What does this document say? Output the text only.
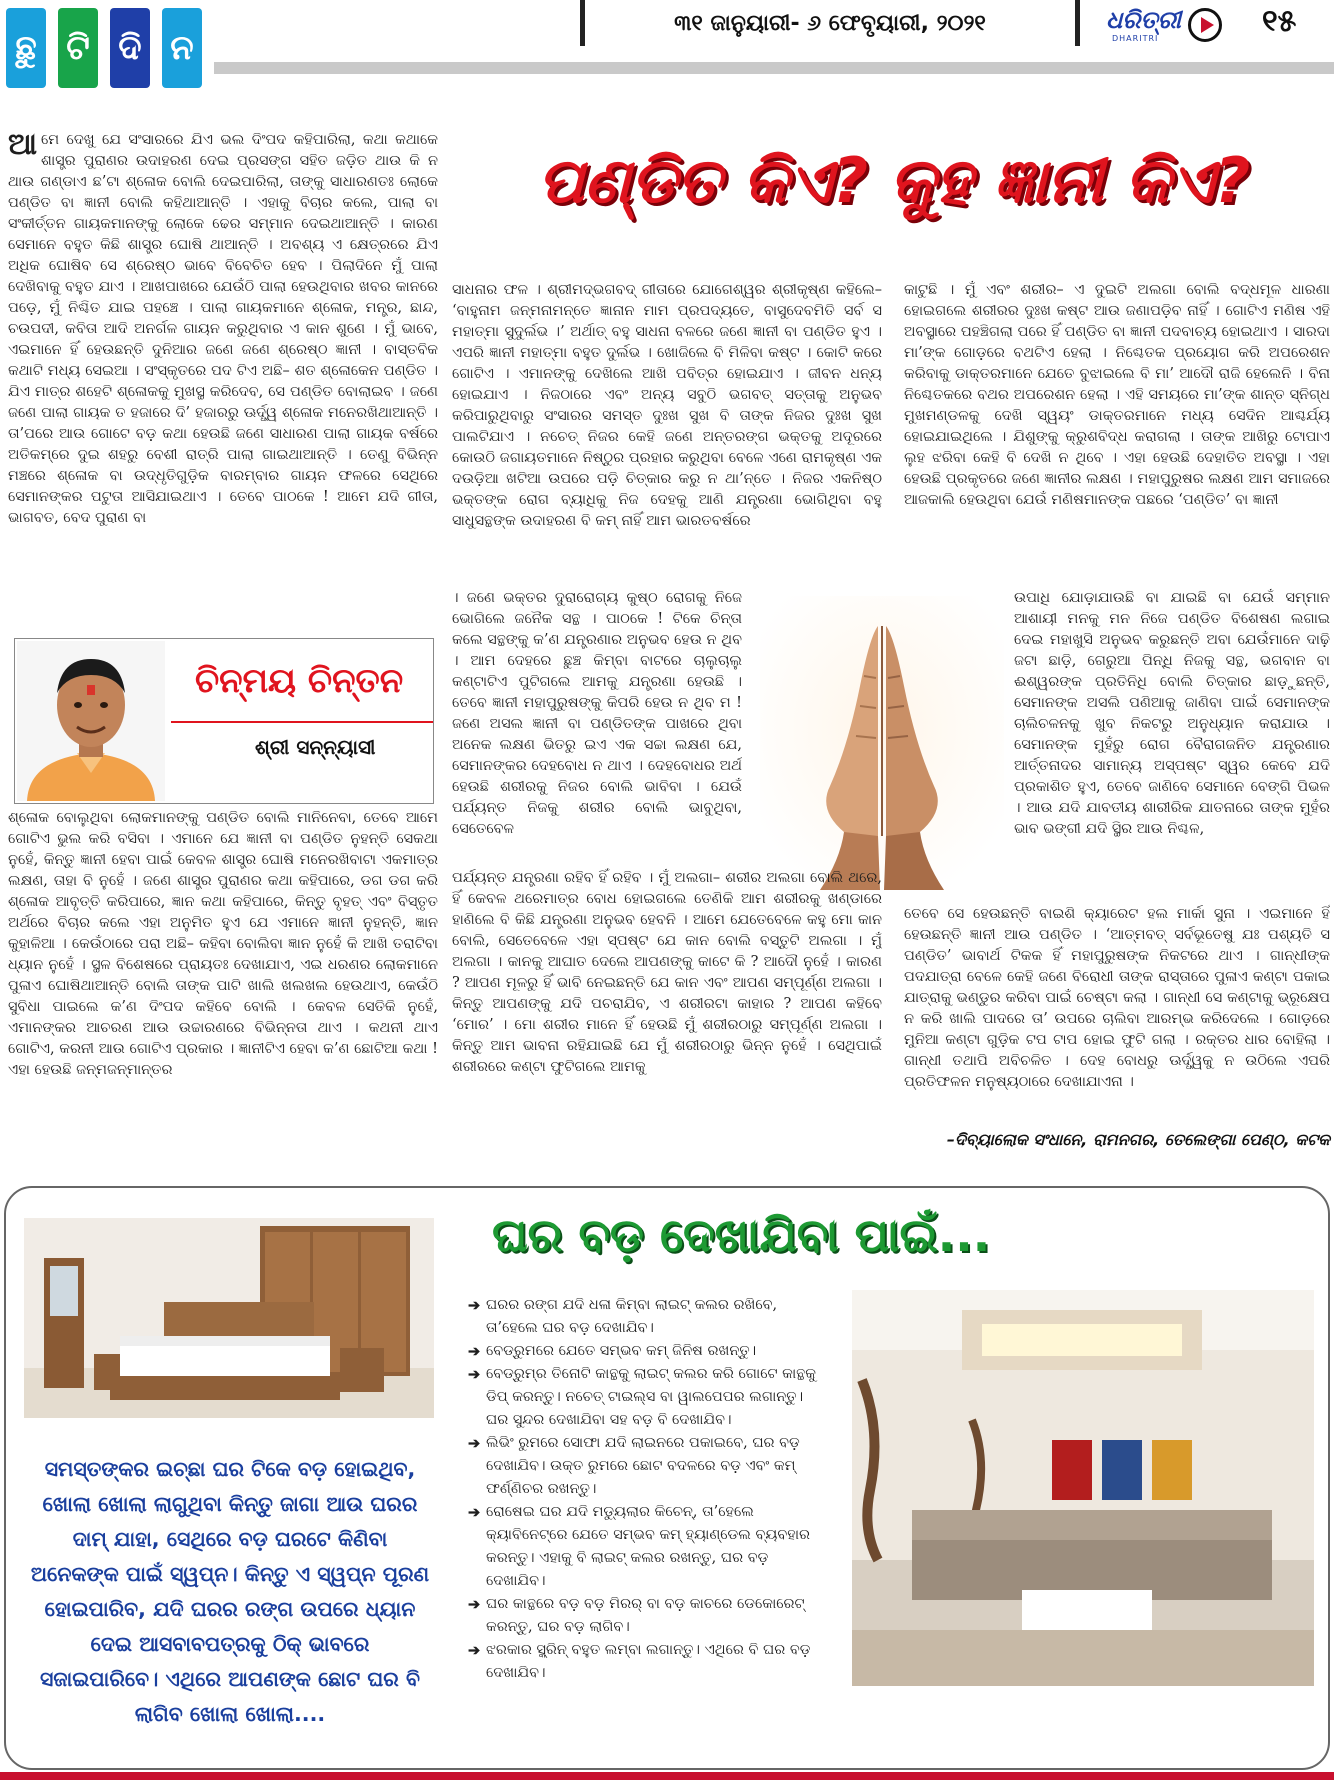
ଛୁ ଟି ଦି ନ
୩୧ ଜାନୁୟାରୀ- ୬ ଫେବୃୟାରୀ, ୨୦୨୧	ଧରିତ୍ରୀ
DHARITRI	୧୫
ପଣ୍ଡିତ କିଏ? କୁହ ଜ୍ଞାନୀ କିଏ?
ଆ ମେ ଦେଖୁ ଯେ ସଂସାରରେ ଯିଏ ଭଲ ଦିଂପଦ କହିପାରିଲା, କଥା କଥାକେ ଶାସ୍ତ୍ର ପୁରାଣର ଉଦାହରଣ ଦେଇ ପ୍ରସଙ୍ଗ ସହିତ ଜଡ଼ିତ ଥାଉ କି ନ ଥାଉ ଗଣ୍ଡାଏ ଛ’ଟା ଶ୍ଳୋକ ବୋଲି ଦେଇପାରିଲା, ତାଙ୍କୁ ସାଧାରଣତଃ ଲୋକେ ପଣ୍ଡିତ ବା ଜ୍ଞାନୀ ବୋଲି କହିଥାଆନ୍ତି । ଏହାକୁ ବିଚାର କଲେ, ପାଲା ବା ସଂକୀର୍ତ୍ତନ ଗାୟକମାନଙ୍କୁ ଲୋକେ ଢେର ସମ୍ମାନ ଦେଇଥାଆନ୍ତି । କାରଣ ସେମାନେ ବହୁତ କିଛି ଶାସ୍ତ୍ର ଘୋଷି ଥାଆନ୍ତି । ଅବଶ୍ୟ ଏ କ୍ଷେତ୍ରରେ ଯିଏ ଅଧିକ ଘୋଷିବ ସେ ଶ୍ରେଷ୍ଠ ଭାବେ ବିବେଚିତ ହେବ । ପିଲାଦିନେ ମୁଁ ପାଲା ଦେଖିବାକୁ ବହୁତ ଯାଏ । ଆଖପାଖରେ ଯେଉଁଠି ପାଲା ହେଉଥିବାର ଖବର କାନରେ ପଡ଼େ, ମୁଁ ନିଶ୍ଚିତ ଯାଇ ପହଞ୍ଚେ । ପାଲା ଗାୟକମାନେ ଶ୍ଳୋକ, ମନ୍ତ୍ର, ଛାନ୍ଦ, ଚଉପଦୀ, କବିତା ଆଦି ଅନର୍ଗଳ ଗାୟନ କରୁଥିବାର ଏ କାନ ଶୁଣେ । ମୁଁ ଭାବେ, ଏଇମାନେ ହିଁ ହେଉଛନ୍ତି ଦୁନିଆର ଜଣେ ଜଣେ ଶ୍ରେଷ୍ଠ ଜ୍ଞାନୀ । ବାସ୍ତବିକ କଥାଟି ମଧ୍ୟ ସେଇଆ । ସଂସ୍କୃତରେ ପଦ ଟିଏ ଅଛି– ଶତ ଶ୍ଳୋକେନ ପଣ୍ଡିତ । ଯିଏ ମାତ୍ର ଶହେଟି ଶ୍ଳୋକକୁ ମୁଖସ୍ଥ କରିଦେବ, ସେ ପଣ୍ଡିତ ବୋଲାଇବ । ଜଣେ ଜଣେ ପାଲା ଗାୟକ ତ ହଜାରେ ଦି’ ହଜାରରୁ ଊର୍ଦ୍ଧ୍ୱ ଶ୍ଳୋକ ମନେରଖିଥାଆନ୍ତି । ତା’ପରେ ଆଉ ଗୋଟେ ବଡ଼ କଥା ହେଉଛି ଜଣେ ସାଧାରଣ ପାଲା ଗାୟକ ବର୍ଷରେ ଅତିକମ୍‌ରେ ଦୁଇ ଶହରୁ ବେଶୀ ରାତ୍ରି ପାଲା ଗାଇଥାଆନ୍ତି । ତେଣୁ ବିଭିନ୍ନ ମଞ୍ଚରେ ଶ୍ଳୋକ ବା ଉଦ୍ଧୃତିଗୁଡ଼ିକ ବାରମ୍ବାର ଗାୟନ ଫଳରେ ସେଥିରେ ସେମାନଙ୍କର ପଟୁତା ଆସିଯାଇଥାଏ । ତେବେ ପାଠକେ ! ଆମେ ଯଦି ଗୀତା, ଭାଗବତ, ବେଦ ପୁରାଣ ବା
ଚିନ୍ମୟ ଚିନ୍ତନ
ଶ୍ରୀ ସନ୍ନ୍ୟାସୀ
ଶ୍ଳୋକ ବୋଲୁଥିବା ଲୋକମାନଙ୍କୁ ପଣ୍ଡିତ ବୋଲି ମାନିନେବା, ତେବେ ଆମେ ଗୋଟିଏ ଭୁଲ କରି ବସିବା । ଏମାନେ ଯେ ଜ୍ଞାନୀ ବା ପଣ୍ଡିତ ନୁହନ୍ତି ସେକଥା ନୁହେଁ, କିନ୍ତୁ ଜ୍ଞାନୀ ହେବା ପାଇଁ କେବଳ ଶାସ୍ତ୍ର ଘୋଷି ମନେରଖିବାଟା ଏକମାତ୍ର ଲକ୍ଷଣ, ତାହା ବି ନୁହେଁ । ଜଣେ ଶାସ୍ତ୍ର ପୁରାଣର କଥା କହିପାରେ, ଡଗ ଡଗ କରି ଶ୍ଳୋକ ଆବୃତ୍ତି କରିପାରେ, ଜ୍ଞାନ କଥା କହିପାରେ, କିନ୍ତୁ ବୃହତ୍ ଏବଂ ବିସ୍ତୃତ ଅର୍ଥରେ ବିଚାର କଲେ ଏହା ଅନୁମିତ ହୁଏ ଯେ ଏମାନେ ଜ୍ଞାନୀ ନୁହନ୍ତି, ଜ୍ଞାନ କୁହାଳିଆ । କେଉଁଠାରେ ପରା ଅଛି– କହିବା ବୋଲିବା ଜ୍ଞାନ ନୁହେଁ କି ଆଖି ତରାଟିବା ଧ୍ୟାନ ନୁହେଁ । ସ୍ଥଳ ବିଶେଷରେ ପ୍ରାୟତଃ ଦେଖାଯାଏ, ଏଇ ଧରଣର ଲୋକମାନେ ପୁଳାଏ ଘୋଷିଥାଆନ୍ତି ବୋଲି ତାଙ୍କ ପାଟି ଖାଲି ଖଲଖଲ ହେଉଥାଏ, କେଉଁଠି ସୁବିଧା ପାଇଲେ କ’ଣ ଦିଂପଦ କହିବେ ବୋଲି । କେବଳ ସେତିକି ନୁହେଁ, ଏମାନଙ୍କର ଆଚରଣ ଆଉ ଉଚ୍ଚାରଣରେ ବିଭିନ୍ନତା ଥାଏ । କଥନୀ ଥାଏ ଗୋଟିଏ, କରନୀ ଆଉ ଗୋଟିଏ ପ୍ରକାର । ଜ୍ଞାନୀଟିଏ ହେବା କ’ଣ ଛୋଟିଆ କଥା ! ଏହା ହେଉଛି ଜନ୍ମଜନ୍ମାନ୍ତର
ସାଧନାର ଫଳ । ଶ୍ରୀମଦ୍‌ଭଗବଦ୍ ଗୀତାରେ ଯୋଗେଶ୍ୱର ଶ୍ରୀକୃଷ୍ଣ କହିଲେ– ‘ବାହୁନାମ ଜନ୍ମନାମନ୍ତେ ଜ୍ଞାନାନ ମାମ ପ୍ରପଦ୍ୟତେ, ବାସୁଦେବମିତି ସର୍ବ ସ ମହାତ୍ମା ସୁଦୁର୍ଲଭ ।’ ଅର୍ଥାତ୍ ବହୁ ସାଧନା ବଳରେ ଜଣେ ଜ୍ଞାନୀ ବା ପଣ୍ଡିତ ହୁଏ । ଏପରି ଜ୍ଞାନୀ ମହାତ୍ମା ବହୁତ ଦୁର୍ଲଭ । ଖୋଜିଲେ ବି ମିଳିବା କଷ୍ଟ । କୋଟି କରେ ଗୋଟିଏ । ଏମାନଙ୍କୁ ଦେଖିଲେ ଆଖି ପବିତ୍ର ହୋଇଯାଏ । ଜୀବନ ଧନ୍ୟ ହୋଇଯାଏ । ନିଜଠାରେ ଏବଂ ଅନ୍ୟ ସବୁଠି ଭଗବତ୍ ସତ୍ତାକୁ ଅନୁଭବ କରିପାରୁଥିବାରୁ ସଂସାରର ସମସ୍ତ ଦୁଃଖ ସୁଖ ବି ତାଙ୍କ ନିଜର ଦୁଃଖ ସୁଖ ପାଲଟିଯାଏ । ନଚେତ୍ ନିଜର କେହି ଜଣେ ଅନ୍ତରଙ୍ଗ ଭକ୍ତକୁ ଅଦୂରରେ କୋଉଠି ଜଗାୟତମାନେ ନିଷ୍ଠୁର ପ୍ରହାର କରୁଥିବା ବେଳେ ଏଣେ ରାମକୃଷ୍ଣ ଏକ ଦଉଡ଼ିଆ ଖଟିଆ ଉପରେ ପଡ଼ି ଚିତ୍କାର କରୁ ନ ଥା’ନ୍ତେ । ନିଜର ଏକନିଷ୍ଠ ଭକ୍ତଙ୍କ ରୋଗ ବ୍ୟାଧିକୁ ନିଜ ଦେହକୁ ଆଣି ଯନ୍ତ୍ରଣା ଭୋଗିଥିବା ବହୁ ସାଧୁସନ୍ଥଙ୍କ ଉଦାହରଣ ବି କମ୍ ନାହିଁ ଆମ ଭାରତବର୍ଷରେ
। ଜଣେ ଭକ୍ତର ଦୁରାରୋଗ୍ୟ କୁଷ୍ଠ ରୋଗକୁ ନିଜେ ଭୋଗିଲେ ଜନୈକ ସନ୍ଥ । ପାଠକେ ! ଟିକେ ଚିନ୍ତା କଲେ ସନ୍ଥଙ୍କୁ କ’ଣ ଯନ୍ତ୍ରଣାର ଅନୁଭବ ହେଉ ନ ଥିବ । ଆମ ଦେହରେ ଛୁଞ୍ଚ କିମ୍ବା ବାଟରେ ଚାଲୁଚାଲୁ କଣ୍ଟାଟିଏ ପୁଟିଗଲେ ଆମକୁ ଯନ୍ତ୍ରଣା ହେଉଛି । ତେବେ ଜ୍ଞାନୀ ମହାପୁରୁଷଙ୍କୁ କିପରି ହେଉ ନ ଥିବ ମ ! ଜଣେ ଅସଲ ଜ୍ଞାନୀ ବା ପଣ୍ଡିତଙ୍କ ପାଖରେ ଥିବା ଅନେକ ଲକ୍ଷଣ ଭିତରୁ ଇଏ ଏକ ସଚ୍ଚା ଲକ୍ଷଣ ଯେ, ସେମାନଙ୍କର ଦେହବୋଧ ନ ଥାଏ । ଦେହବୋଧର ଅର୍ଥ ହେଉଛି ଶରୀରକୁ ନିଜର ବୋଲି ଭାବିବା । ଯେଉଁ ପର୍ଯ୍ୟନ୍ତ ନିଜକୁ ଶରୀର ବୋଲି ଭାବୁଥିବା, ସେତେବେଳ
ପର୍ଯ୍ୟନ୍ତ ଯନ୍ତ୍ରଣା ରହିବ ହିଁ ରହିବ । ମୁଁ ଅଲଗା– ଶରୀର ଅଲଗା ବୋଲି ଥରେ, ହିଁ କେବଳ ଥରେମାତ୍ର ବୋଧ ହୋଇଗଲେ ତେଣିକି ଆମ ଶରୀରକୁ ଖଣ୍ଡାରେ ହାଣିଲେ ବି କିଛି ଯନ୍ତ୍ରଣା ଅନୁଭବ ହେବନି । ଆମେ ଯେତେବେଳେ କହୁ ମୋ କାନ ବୋଲି, ସେତେବେଳେ ଏହା ସ୍ପଷ୍ଟ ଯେ କାନ ବୋଲି ବସ୍ତୁଟି ଅଲଗା । ମୁଁ ଅଲଗା । କାନକୁ ଆଘାତ ଦେଲେ ଆପଣଙ୍କୁ କାଟେ କି ? ଆଦୌ ନୁହେଁ । କାରଣ ? ଆପଣ ମୂଳରୁ ହିଁ ଭାବି ନେଇଛନ୍ତି ଯେ କାନ ଏବଂ ଆପଣ ସମ୍ପୂର୍ଣ୍ଣ ଅଲଗା । କିନ୍ତୁ ଆପଣଙ୍କୁ ଯଦି ପଚରାଯିବ, ଏ ଶରୀରଟା କାହାର ? ଆପଣ କହିବେ ‘ମୋର’ । ମୋ ଶରୀର ମାନେ ହିଁ ହେଉଛି ମୁଁ ଶରୀରଠାରୁ ସମ୍ପୂର୍ଣ୍ଣ ଅଲଗା । କିନ୍ତୁ ଆମ ଭାବନା ରହିଯାଇଛି ଯେ ମୁଁ ଶରୀରଠାରୁ ଭିନ୍ନ ନୁହେଁ । ସେଥିପାଇଁ ଶରୀରରେ କଣ୍ଟା ଫୁଟିଗଲେ ଆମକୁ
କାଟୁଛି । ମୁଁ ଏବଂ ଶରୀର– ଏ ଦୁଇଟି ଅଲଗା ବୋଲି ବଦ୍ଧମୂଳ ଧାରଣା ହୋଇଗଲେ ଶରୀରର ଦୁଃଖ କଷ୍ଟ ଆଉ ଜଣାପଡ଼ିବ ନାହିଁ । ଗୋଟିଏ ମଣିଷ ଏହି ଅବସ୍ଥାରେ ପହଞ୍ଚିଗଲା ପରେ ହିଁ ପଣ୍ଡିତ ବା ଜ୍ଞାନୀ ପଦବାଚ୍ୟ ହୋଇଥାଏ । ସାରଦା ମା’ଙ୍କ ଗୋଡ଼ରେ ବଥଟିଏ ହେଲା । ନିଶ୍ଚେତକ ପ୍ରୟୋଗ କରି ଅପରେଶନ କରିବାକୁ ଡାକ୍ତରମାନେ ଯେତେ ବୁଝାଇଲେ ବି ମା’ ଆଦୌ ରାଜି ହେଲେନି । ବିନା ନିଶ୍ଚେତକରେ ବଥର ଅପରେଶନ ହେଲା । ଏହି ସମୟରେ ମା’ଙ୍କ ଶାନ୍ତ ସ୍ନିଗ୍ଧ ମୁଖମଣ୍ଡଳକୁ ଦେଖି ସ୍ୱୟଂ ଡାକ୍ତରମାନେ ମଧ୍ୟ ସେଦିନ ଆଶ୍ଚର୍ଯ୍ୟ ହୋଇଯାଇଥିଲେ । ଯିଶୁଙ୍କୁ କ୍ରୁଶବିଦ୍ଧ କରାଗଲା । ତାଙ୍କ ଆଖିରୁ ଟୋପାଏ ଲୁହ ଝରିବା କେହି ବି ଦେଖି ନ ଥିବେ । ଏହା ହେଉଛି ଦେହାତିତ ଅବସ୍ଥା । ଏହା ହେଉଛି ପ୍ରକୃତରେ ଜଣେ ଜ୍ଞାନୀର ଲକ୍ଷଣ । ମହାପୁରୁଷର ଲକ୍ଷଣ ଆମ ସମାଜରେ ଆଜକାଲି ହେଉଥିବା ଯେଉଁ ମଣିଷମାନଙ୍କ ପଛରେ ‘ପଣ୍ଡିତ’ ବା ଜ୍ଞାନୀ
ଉପାଧି ଯୋଡ଼ାଯାଉଛି ବା ଯାଇଛି ବା ଯେଉଁ ସମ୍ମାନ ଆଶାୟୀ ମନକୁ ମନ ନିଜେ ପଣ୍ଡିତ ବିଶେଷଣ ଲଗାଇ ଦେଇ ମହାଖୁସି ଅନୁଭବ କରୁଛନ୍ତି ଅବା ଯେଉଁମାନେ ଦାଢ଼ି ଜଟା ଛାଡ଼ି, ଗେରୁଆ ପିନ୍ଧି ନିଜକୁ ସନ୍ଥ, ଭଗବାନ ବା ଈଶ୍ୱରଙ୍କ ପ୍ରତିନିଧି ବୋଲି ଚିତ୍କାର ଛାଡ଼ୁଛନ୍ତି, ସେମାନଙ୍କ ଅସଲି ପଣିଆକୁ ଜାଣିବା ପାଇଁ ସେମାନଙ୍କ ଚାଲିଚଳନକୁ ଖୁବ ନିକଟରୁ ଅନୁଧ୍ୟାନ କରାଯାଉ । ସେମାନଙ୍କ ମୁହଁରୁ ରୋଗ ବୈରାଗଜନିତ ଯନ୍ତ୍ରଣାର ଆର୍ତ୍ତନାଦର ସାମାନ୍ୟ ଅସ୍ପଷ୍ଟ ସ୍ୱର କେବେ ଯଦି ପ୍ରକାଶିତ ହୁଏ, ତେବେ ଜାଣିବେ ସେମାନେ ବେଙ୍ଗି ପିଭଳ । ଆଉ ଯଦି ଯାବତୀୟ ଶାରୀରିକ ଯାତନାରେ ତାଙ୍କ ମୁହଁର ଭାବ ଭଙ୍ଗୀ ଯଦି ସ୍ଥିର ଆଉ ନିଶ୍ଚଳ,
ତେବେ ସେ ହେଉଛନ୍ତି ବାଇଶି କ୍ୟାରେଟ ହଲ ମାର୍କା ସୁନା । ଏଇମାନେ ହିଁ ହେଉଛନ୍ତି ଜ୍ଞାନୀ ଆଉ ପଣ୍ଡିତ । ‘ଆତ୍ମବତ୍ ସର୍ବଭୂତେଷୁ ଯଃ ପଶ୍ୟତି ସ ପଣ୍ଡିତ’ ଭାବାର୍ଥ ଟିକକ ହିଁ ମହାପୁରୁଷଙ୍କ ନିକଟରେ ଥାଏ । ଗାନ୍ଧୀଙ୍କ ପଦଯାତ୍ରା ବେଳେ କେହି ଜଣେ ବିରୋଧୀ ତାଙ୍କ ରାସ୍ତାରେ ପୁଳାଏ କଣ୍ଟା ପକାଇ ଯାତ୍ରାକୁ ଭଣ୍ଡୁର କରିବା ପାଇଁ ଚେଷ୍ଟା କଲା । ଗାନ୍ଧୀ ସେ କଣ୍ଟାକୁ ଭ୍ରୂକ୍ଷେପ ନ କରି ଖାଲି ପାଦରେ ତା’ ଉପରେ ଚାଲିବା ଆରମ୍ଭ କରିଦେଲେ । ଗୋଡ଼ରେ ମୁନିଆ କଣ୍ଟା ଗୁଡ଼ିକ ଟପ ଟାପ ହୋଇ ଫୁଟି ଗଲା । ରକ୍ତର ଧାର ବୋହିଲା । ଗାନ୍ଧୀ ତଥାପି ଅବିଚଳିତ । ଦେହ ବୋଧରୁ ଊର୍ଦ୍ଧ୍ୱକୁ ନ ଉଠିଲେ ଏପରି ପ୍ରତିଫଳନ ମନୁଷ୍ୟଠାରେ ଦେଖାଯାଏନା ।
–ଦିବ୍ୟାଲୋକ ସଂଧାନେ, ରାମନଗର, ତେଲେଙ୍ଗା ପେଣ୍ଠ, କଟକ
ସମସ୍ତଙ୍କର ଇଚ୍ଛା ଘର ଟିକେ ବଡ଼ ହୋଇଥିବ, ଖୋଲା ଖୋଲା ଲାଗୁଥିବା କିନ୍ତୁ ଜାଗା ଆଉ ଘରର ଦାମ୍ ଯାହା, ସେଥିରେ ବଡ଼ ଘରଟେ କିଣିବା ଅନେକଙ୍କ ପାଇଁ ସ୍ୱପ୍ନ। କିନ୍ତୁ ଏ ସ୍ୱପ୍ନ ପୂରଣ ହୋଇପାରିବ, ଯଦି ଘରର ରଙ୍ଗ ଉପରେ ଧ୍ୟାନ ଦେଇ ଆସବାବପତ୍ରକୁ ଠିକ୍ ଭାବରେ ସଜାଇପାରିବେ। ଏଥିରେ ଆପଣଙ୍କ ଛୋଟ ଘର ବି ଲାଗିବ ଖୋଲା ଖୋଲା....
ଘର ବଡ଼ ଦେଖାଯିବା ପାଇଁ...
➔ ଘରର ରଙ୍ଗ ଯଦି ଧଳା କିମ୍ବା ଲାଇଟ୍ କଲର ରଖିବେ, ତା’ହେଲେ ଘର ବଡ଼ ଦେଖାଯିବ।
➔ ବେଡ୍‌ରୁମରେ ଯେତେ ସମ୍ଭବ କମ୍ ଜିନିଷ ରଖନ୍ତୁ।
➔ ବେଡ୍‌ରୁମ୍‌ର ତିନୋଟି କାନ୍ଥକୁ ଲାଇଟ୍ କଲର କରି ଗୋଟେ କାନ୍ଥକୁ ଡିପ୍ କରନ୍ତୁ। ନଚେତ୍ ଟାଇଲ୍ସ ବା ୱାଲପେପର ଲଗାନ୍ତୁ। ଘର ସୁନ୍ଦର ଦେଖାଯିବା ସହ ବଡ଼ ବି ଦେଖାଯିବ।
➔ ଲିଭିଂ ରୁମରେ ସୋଫା ଯଦି ଲାଇନରେ ପକାଇବେ, ଘର ବଡ଼ ଦେଖାଯିବ। ଉକ୍ତ ରୁମରେ ଛୋଟ ବଦଳରେ ବଡ଼ ଏବଂ କମ୍ ଫର୍ଣ୍ଣିଚର ରଖନ୍ତୁ।
➔ ରୋଷେଇ ଘର ଯଦି ମଡ୍ୟୁଲାର କିଚେନ୍, ତା’ହେଲେ କ୍ୟାବିନେଟ୍‌ରେ ଯେତେ ସମ୍ଭବ କମ୍ ହ୍ୟାଣ୍ଡେଲ ବ୍ୟବହାର କରନ୍ତୁ। ଏହାକୁ ବି ଲାଇଟ୍ କଲର ରଖନ୍ତୁ, ଘର ବଡ଼ ଦେଖାଯିବ।
➔ ଘର କାନ୍ଥରେ ବଡ଼ ବଡ଼ ମିରର୍ ବା ବଡ଼ କାଚରେ ଡେକୋରେଟ୍ କରନ୍ତୁ, ଘର ବଡ଼ ଲାଗିବ।
➔ ଝରକାର ସ୍କ୍ରିନ୍ ବହୁତ ଲମ୍ବା ଲଗାନ୍ତୁ। ଏଥିରେ ବି ଘର ବଡ଼ ଦେଖାଯିବ।
